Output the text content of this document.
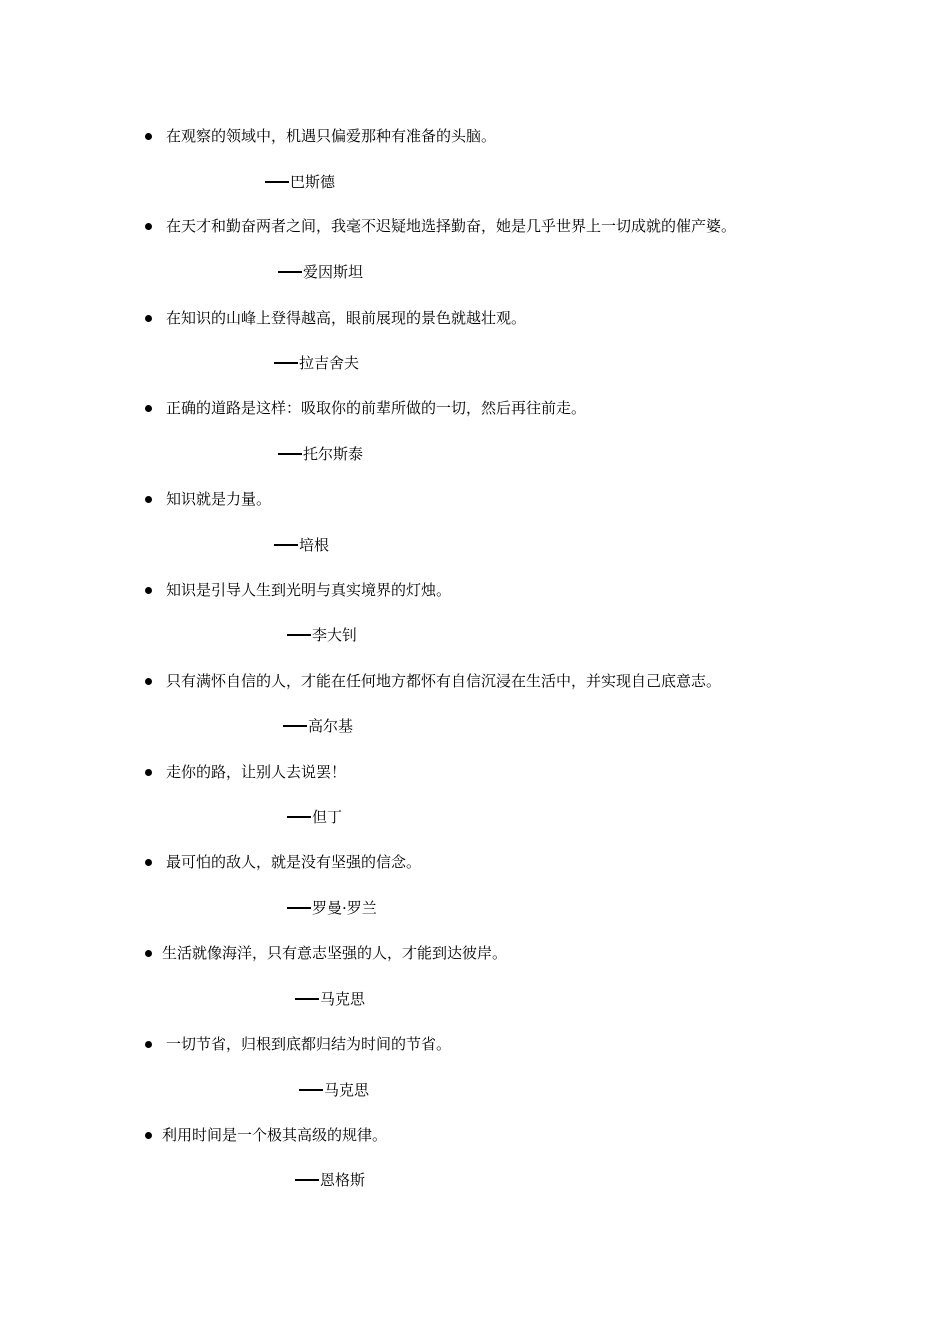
在观察的领域中，机遇只偏爱那种有准备的头脑。
巴斯德
在天才和勤奋两者之间，我毫不迟疑地选择勤奋，她是几乎世界上一切成就的催产婆。
爱因斯坦
在知识的山峰上登得越高，眼前展现的景色就越壮观。
拉吉舍夫
正确的道路是这样：吸取你的前辈所做的一切，然后再往前走。
托尔斯泰
知识就是力量。
培根
知识是引导人生到光明与真实境界的灯烛。
李大钊
只有满怀自信的人，才能在任何地方都怀有自信沉浸在生活中，并实现自己底意志。
高尔基
走你的路，让别人去说罢！
但丁
最可怕的敌人，就是没有坚强的信念。
罗曼·罗兰
生活就像海洋，只有意志坚强的人，才能到达彼岸。
马克思
一切节省，归根到底都归结为时间的节省。
马克思
利用时间是一个极其高级的规律。
恩格斯
